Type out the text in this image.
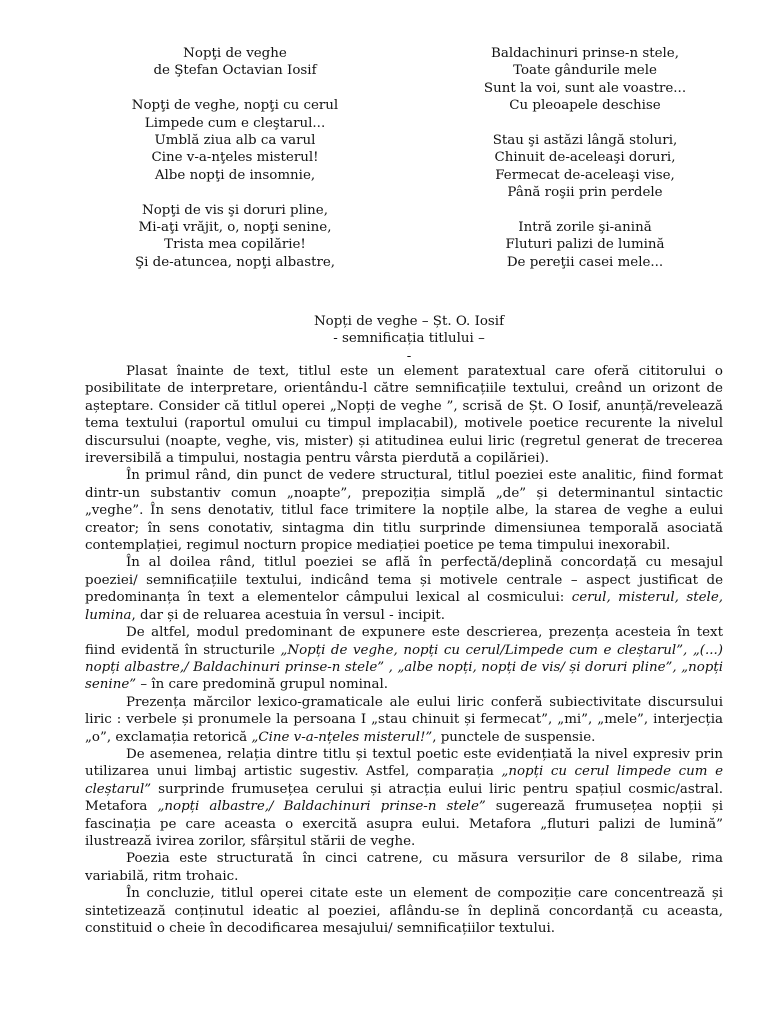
Nopţi de veghe
de Ştefan Octavian Iosif
Nopţi de veghe, nopţi cu cerul
Limpede cum e cleştarul...
Umblă ziua alb ca varul
Cine v-a-nţeles misterul!
Albe nopţi de insomnie,
Nopţi de vis şi doruri pline,
Mi-aţi vrăjit, o, nopţi senine,
Trista mea copilărie!
Şi de-atuncea, nopţi albastre,
Baldachinuri prinse-n stele,
Toate gândurile mele
Sunt la voi, sunt ale voastre...
Cu pleoapele deschise
Stau şi astăzi lângă stoluri,
Chinuit de-aceleaşi doruri,
Fermecat de-aceleaşi vise,
Până roşii prin perdele
Intră zorile şi-anină
Fluturi palizi de lumină
De pereţii casei mele...
Nopți de veghe – Șt. O. Iosif
- semnificația titlului –
-

Plasat înainte de text, titlul este un element paratextual care oferă cititorului o posibilitate de interpretare, orientându-l către semnificațiile textului, creând un orizont de așteptare. Consider că titlul operei „Nopți de veghe ”, scrisă de Șt. O Iosif, anunță/revelează tema textului (raportul omului cu timpul implacabil), motivele poetice recurente la nivelul discursului (noapte, veghe, vis, mister) și atitudinea eului liric (regretul generat de trecerea ireversibilă a timpului, nostagia pentru vârsta pierdută a copilăriei).

În primul rând, din punct de vedere structural, titlul poeziei este analitic, fiind format dintr-un substantiv comun „noapte”, prepoziția simplă „de” și determinantul sintactic „veghe”. În sens denotativ, titlul face trimitere la nopțile albe, la starea de veghe a eului creator; în sens conotativ, sintagma din titlu surprinde dimensiunea temporală asociată contemplației, regimul nocturn propice mediației poetice pe tema timpului inexorabil.

În al doilea rând, titlul poeziei se află în perfectă/deplină concordață cu mesajul poeziei/ semnificațiile textului, indicând tema și motivele centrale – aspect justificat de predominanța în text a elementelor câmpului lexical al cosmicului: cerul, misterul, stele, lumina, dar și de reluarea acestuia în versul - incipit.

De altfel, modul predominant de expunere este descrierea, prezența acesteia în text fiind evidentă în structurile „Nopți de veghe, nopți cu cerul/Limpede cum e cleștarul”, „(...) nopți albastre,/ Baldachinuri prinse-n stele” , „albe nopți, nopți de vis/ și doruri pline”, „nopți senine” – în care predomină grupul nominal.

Prezența mărcilor lexico-gramaticale ale eului liric conferă subiectivitate discursului liric : verbele și pronumele la persoana I „stau chinuit și fermecat”, „mi”, „mele”, interjecția „o”, exclamația retorică „Cine v-a-nțeles misterul!”, punctele de suspensie.

De asemenea, relația dintre titlu și textul poetic este evidențiată la nivel expresiv prin utilizarea unui limbaj artistic sugestiv. Astfel, comparația „nopți cu cerul limpede cum e cleștarul” surprinde frumusețea cerului și atracția eului liric pentru spațiul cosmic/astral. Metafora „nopți albastre,/ Baldachinuri prinse-n stele” sugerează frumusețea nopții și fascinația pe care aceasta o exercită asupra eului. Metafora „fluturi palizi de lumină” ilustrează ivirea zorilor, sfârșitul stării de veghe.

Poezia este structurată în cinci catrene, cu măsura versurilor de 8 silabe, rima variabilă, ritm trohaic.

În concluzie, titlul operei citate este un element de compoziție care concentrează și sintetizează conținutul ideatic al poeziei, aflându-se în deplină concordanță cu aceasta, constituid o cheie în decodificarea mesajului/ semnificațiilor textului.
